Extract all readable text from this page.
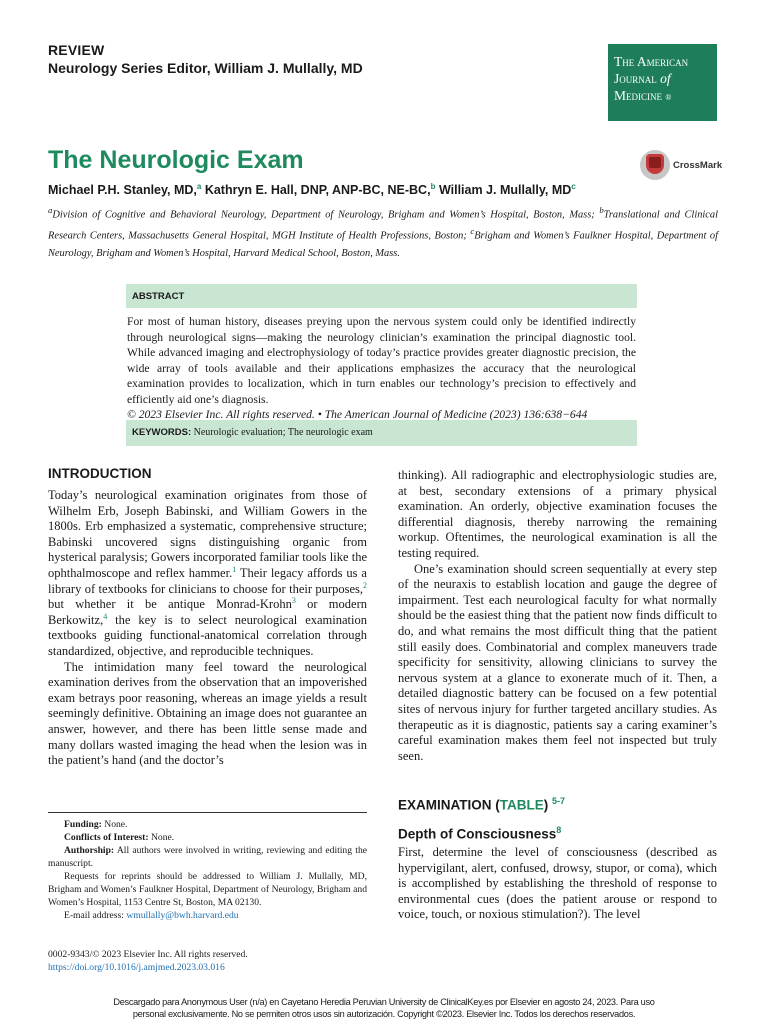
REVIEW
Neurology Series Editor, William J. Mullally, MD	The American
Journal of
Medicine ®
The Neurologic Exam	CrossMark
Michael P.H. Stanley, MD,$^a$ Kathryn E. Hall, DNP, ANP-BC, NE-BC,$^b$ William J. Mullally, $MD^c$
$^a$Division of Cognitive and Behavioral Neurology, Department of Neurology, Brigham and Women’s Hospital, Boston, Mass; $^b$Translational and Clinical Research Centers, Massachusetts General Hospital, MGH Institute of Health Professions, Boston; $^c$Brigham and Women’s Faulkner Hospital, Department of Neurology, Brigham and Women’s Hospital, Harvard Medical School, Boston, Mass.
ABSTRACT
For most of human history, diseases preying upon the nervous system could only be identified indirectly through neurological signs—making the neurology clinician’s examination the principal diagnostic tool. While advanced imaging and electrophysiology of today’s practice provides greater diagnostic precision, the wide array of tools available and their applications emphasizes the accuracy that the neurological examination provides to localization, which in turn enables our technology’s precision to effectively and efficiently aid one’s diagnosis.
© 2023 Elsevier Inc. All rights reserved. • The American Journal of Medicine (2023) 136:638−644
KEYWORDS: Neurologic evaluation; The neurologic exam
INTRODUCTION

Today’s neurological examination originates from those of Wilhelm Erb, Joseph Babinski, and William Gowers in the 1800s. Erb emphasized a systematic, comprehensive structure; Babinski uncovered signs distinguishing organic from hysterical paralysis; Gowers incorporated familiar tools like the ophthalmoscope and reflex hammer.$^1$ Their legacy affords us a library of textbooks for clinicians to choose for their purposes,$^2$ but whether it be antique Monrad-Krohn$^3$ or modern Berkowitz,$^4$ the key is to select neurological examination textbooks guiding functional-anatomical correlation through standardized, objective, and reproducible techniques.

The intimidation many feel toward the neurological examination derives from the observation that an impoverished exam betrays poor reasoning, whereas an image yields a result seemingly definitive. Obtaining an image does not guarantee an answer, however, and there has been little sense made and many dollars wasted imaging the head when the lesion was in the patient’s hand (and the doctor’s

thinking). All radiographic and electrophysiologic studies are, at best, secondary extensions of a primary physical examination. An orderly, objective examination focuses the differential diagnosis, thereby narrowing the remaining workup. Oftentimes, the neurological examination is all the testing required.

One’s examination should screen sequentially at every step of the neuraxis to establish location and gauge the degree of impairment. Test each neurological faculty for what normally should be the easiest thing that the patient now finds difficult to do, and what remains the most difficult thing that the patient still easily does. Combinatorial and complex maneuvers trade specificity for sensitivity, allowing clinicians to survey the nervous system at a glance to exonerate much of it. Then, a detailed diagnostic battery can be focused on a few potential sites of nervous injury for further targeted ancillary studies. As therapeutic as it is diagnostic, patients say a caring examiner’s careful examination makes them feel not inspected but truly seen.

EXAMINATION (TABLE) $^{5-7}$
Depth of Consciousness$^8$

First, determine the level of consciousness (described as hypervigilant, alert, confused, drowsy, stupor, or coma), which is accomplished by establishing the threshold of response to environmental cues (does the patient arouse or respond to voice, touch, or noxious stimulation?). The level

Funding: None.

Conflicts of Interest: None.

Authorship: All authors were involved in writing, reviewing and editing the manuscript.

Requests for reprints should be addressed to William J. Mullally, MD, Brigham and Women’s Faulkner Hospital, Department of Neurology, Brigham and Women’s Hospital, 1153 Centre St, Boston, MA 02130.

E-mail address: wmullally@bwh.harvard.edu

0002-9343/© 2023 Elsevier Inc. All rights reserved.
https://doi.org/10.1016/j.amjmed.2023.03.016
Descargado para Anonymous User (n/a) en Cayetano Heredia Peruvian University de ClinicalKey.es por Elsevier en agosto 24, 2023. Para uso
personal exclusivamente. No se permiten otros usos sin autorización. Copyright ©2023. Elsevier Inc. Todos los derechos reservados.
